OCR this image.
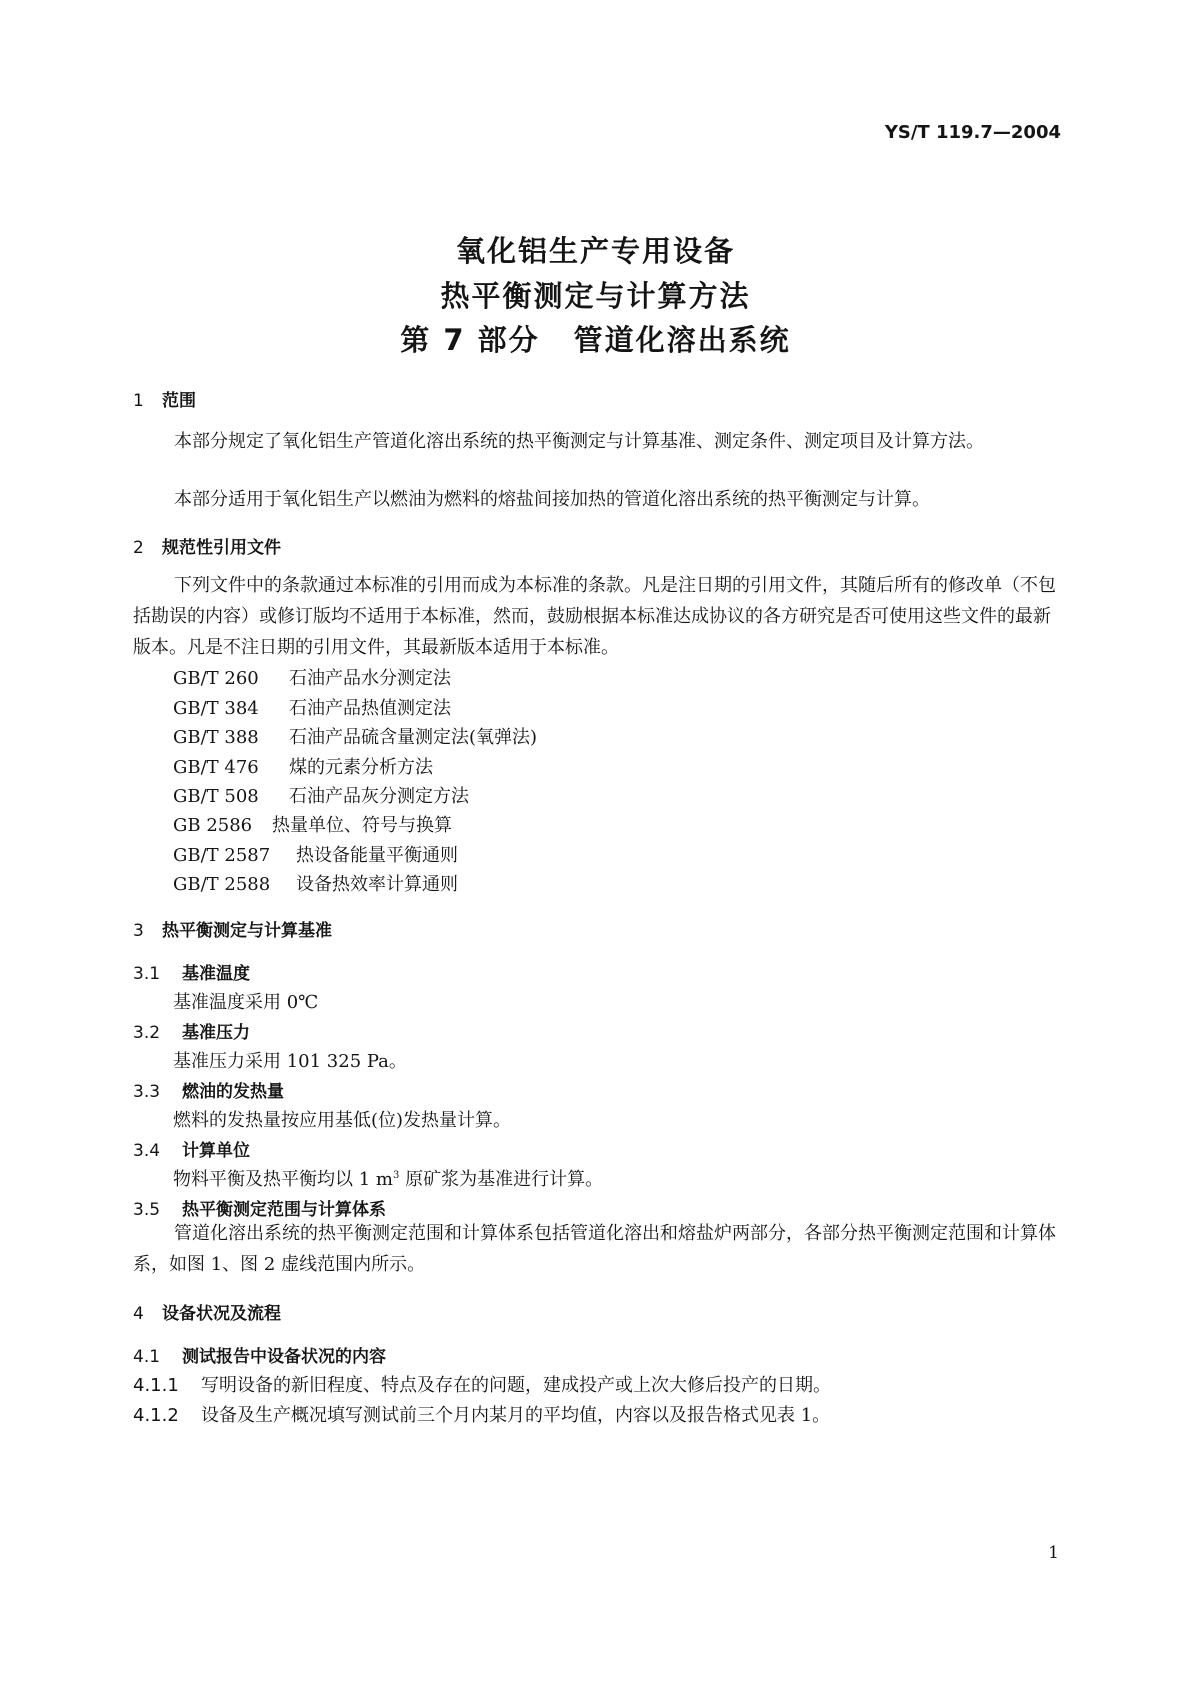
YS/T 119.7—2004
氧化铝生产专用设备
热平衡测定与计算方法
第 7 部分 管道化溶出系统
1 范围
本部分规定了氧化铝生产管道化溶出系统的热平衡测定与计算基准、测定条件、测定项目及计算方法。
本部分适用于氧化铝生产以燃油为燃料的熔盐间接加热的管道化溶出系统的热平衡测定与计算。
2 规范性引用文件
下列文件中的条款通过本标准的引用而成为本标准的条款。凡是注日期的引用文件，其随后所有的修改单（不包括勘误的内容）或修订版均不适用于本标准，然而，鼓励根据本标准达成协议的各方研究是否可使用这些文件的最新版本。凡是不注日期的引用文件，其最新版本适用于本标准。
GB/T 260 石油产品水分测定法
GB/T 384 石油产品热值测定法
GB/T 388 石油产品硫含量测定法(氧弹法)
GB/T 476 煤的元素分析方法
GB/T 508 石油产品灰分测定方法
GB 2586 热量单位、符号与换算
GB/T 2587 热设备能量平衡通则
GB/T 2588 设备热效率计算通则
3 热平衡测定与计算基准
3.1 基准温度
基准温度采用 0℃
3.2 基准压力
基准压力采用 101 325 Pa。
3.3 燃油的发热量
燃料的发热量按应用基低(位)发热量计算。
3.4 计算单位
物料平衡及热平衡均以 1 $m^3$ 原矿浆为基准进行计算。
3.5 热平衡测定范围与计算体系
管道化溶出系统的热平衡测定范围和计算体系包括管道化溶出和熔盐炉两部分，各部分热平衡测定范围和计算体系，如图 1、图 2 虚线范围内所示。
4 设备状况及流程
4.1 测试报告中设备状况的内容
4.1.1 写明设备的新旧程度、特点及存在的问题，建成投产或上次大修后投产的日期。
4.1.2 设备及生产概况填写测试前三个月内某月的平均值，内容以及报告格式见表 1。
1
